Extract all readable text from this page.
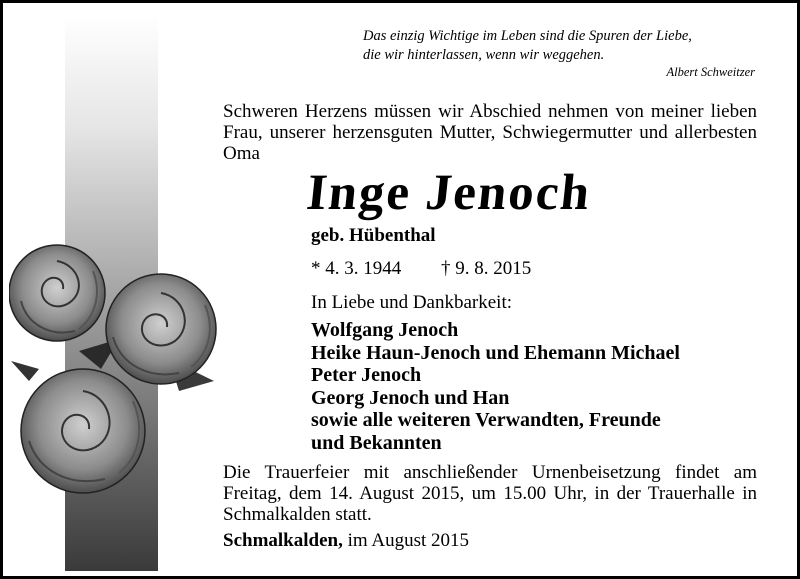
Das einzig Wichtige im Leben sind die Spuren der Liebe,
die wir hinterlassen, wenn wir weggehen.
Albert Schweitzer
Schweren Herzens müssen wir Abschied nehmen von meiner lieben Frau, unserer herzensguten Mutter, Schwiegermutter und allerbesten Oma
Inge Jenoch
geb. Hübenthal
* 4. 3. 1944 † 9. 8. 2015
In Liebe und Dankbarkeit:
Wolfgang Jenoch
Heike Haun-Jenoch und Ehemann Michael
Peter Jenoch
Georg Jenoch und Han
sowie alle weiteren Verwandten, Freunde
und Bekannten
Die Trauerfeier mit anschließender Urnenbeisetzung findet am Freitag, dem 14. August 2015, um 15.00 Uhr, in der Trauerhalle in Schmalkalden statt.
Schmalkalden, im August 2015
